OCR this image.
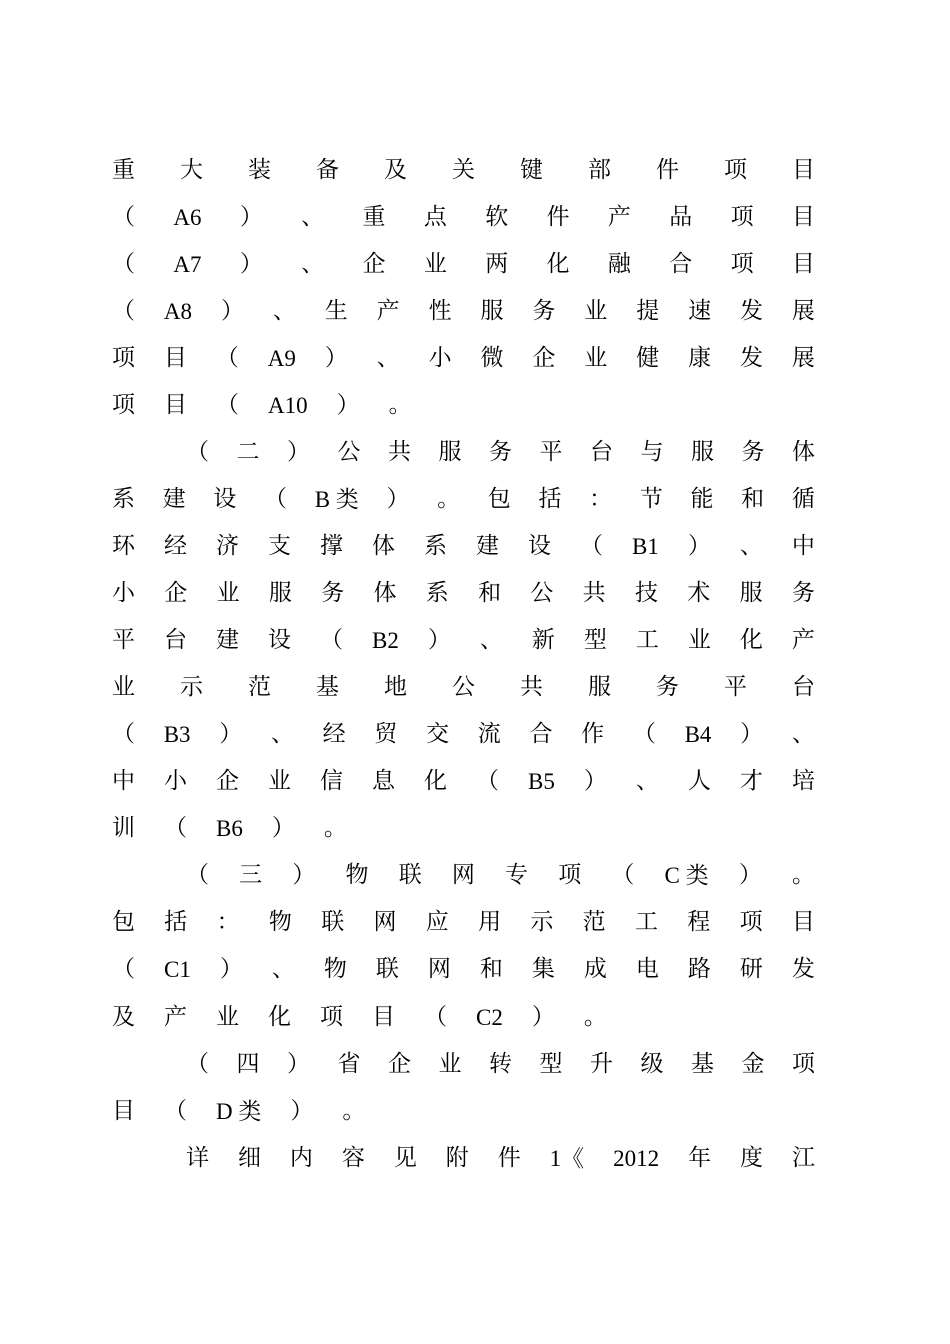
重 大 装 备 及 关 键 部 件 项 目
（ A6 ） 、 重 点 软 件 产 品 项 目
（ A7 ） 、 企 业 两 化 融 合 项 目
（ A8 ） 、 生 产 性 服 务 业 提 速 发 展
项 目 （ A9 ） 、 小 微 企 业 健 康 发 展
项 目 （ A10 ） 。
（ 二 ） 公 共 服 务 平 台 与 服 务 体
系 建 设 （ B 类 ） 。 包 括 ： 节 能 和 循
环 经 济 支 撑 体 系 建 设 （ B1 ） 、 中
小 企 业 服 务 体 系 和 公 共 技 术 服 务
平 台 建 设 （ B2 ） 、 新 型 工 业 化 产
业 示 范 基 地 公 共 服 务 平 台
（ B3 ） 、 经 贸 交 流 合 作 （ B4 ） 、
中 小 企 业 信 息 化 （ B5 ） 、 人 才 培
训 （ B6 ） 。
（ 三 ） 物 联 网 专 项 （ C 类 ） 。
包 括 ： 物 联 网 应 用 示 范 工 程 项 目
（ C1 ） 、 物 联 网 和 集 成 电 路 研 发
及 产 业 化 项 目 （ C2 ） 。
（ 四 ） 省 企 业 转 型 升 级 基 金 项
目 （ D 类 ） 。
详 细 内 容 见 附 件 1《 2012 年 度 江
